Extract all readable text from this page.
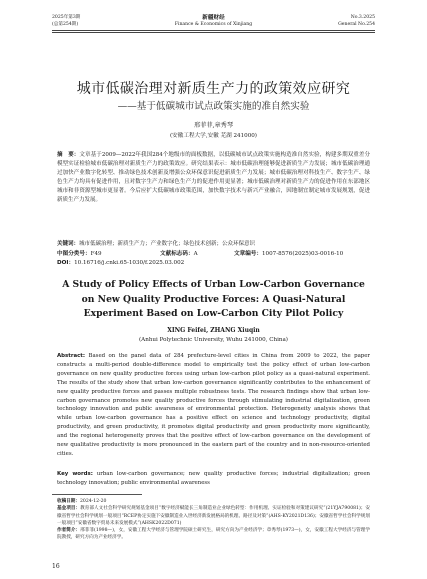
2025年第3期
(总第254期)
新疆财经
Finance & Economics of Xinjiang
No.3.2025
General No.254
城市低碳治理对新质生产力的政策效应研究
——基于低碳城市试点政策实施的准自然实验
邢菲菲,章秀琴
(安徽工程大学,安徽 芜湖 241000)
摘　要：文章基于2009—2022年我国284个地级市的面板数据，以低碳城市试点政策实施构造准自然实验，构建多期双重差分模型实证检验城市低碳治理对新质生产力的政策效应。研究结果表示：城市低碳治理能够促进新质生产力发展；城市低碳治理通过加快产业数字化转型、推动绿色技术创新及增强公众环保意识促进新质生产力发展；城市低碳治理对科技生产、数字生产、绿色生产力均具有促进作用，且对数字生产力和绿色生产力的促进作用更显著；城市低碳治理对新质生产力的促进作用在东部地区城市和非资源型城市更显著。今后应扩大低碳城市政策范围，加快数字技术与新兴产业融合，因地制宜制定城市发展规划，促进新质生产力发展。
关键词：城市低碳治理；新质生产力；产业数字化；绿色技术创新；公众环保意识
中图分类号：F49	文献标志码：A	文章编号：1007-8576(2025)03-0016-10
DOI：10.16716/j.cnki.65-1030/f.2025.03.002
A Study of Policy Effects of Urban Low-Carbon Governance on New Quality Productive Forces: A Quasi-Natural Experiment Based on Low-Carbon City Pilot Policy
XING Feifei, ZHANG Xiuqin
(Anhui Polytechnic University, Wuhu 241000, China)
Abstract: Based on the panel data of 284 prefecture-level cities in China from 2009 to 2022, the paper constructs a multi-period double-difference model to empirically test the policy effect of urban low-carbon governance on new quality productive forces using urban low-carbon pilot policy as a quasi-natural experiment. The results of the study show that urban low-carbon governance significantly contributes to the enhancement of new quality productive forces and passes multiple robustness tests. The research findings show that urban low-carbon governance promotes new quality productive forces through stimulating industrial digitalization, green technology innovation and public awareness of environmental protection. Heterogeneity analysis shows that while urban low-carbon governance has a positive effect on science and technology productivity, digital productivity, and green productivity, it promotes digital productivity and green productivity more significantly, and the regional heterogeneity proves that the positive effect of low-carbon governance on the development of new qualitative productivity is more pronounced in the eastern part of the country and in non-resource-oriented cities.
Key words: urban low-carbon governance; new quality productive forces; industrial digitalization; green technology innovation; public environmental awareness
收稿日期：2024-12-20
基金项目：教育部人文社会科学研究规划基金项目“数字经济赋能长三角制造业企业绿色转型：作用机理、实证检验和对策建议研究”(21YJA790081)；安徽省哲学社会科学规划一般项目“RCEP协定实施下安徽制造业入世经济新发展格局的机理、路径及对策”(AHS-KY2021D136)；安徽省哲学社会科学规划一般项目“安徽省数字贸易未来发展模式”(AHSK2022D071)
作者简介：邢菲菲(1998—)，女，安徽工程大学经济与管理学院硕士研究生，研究方向为产业经济学；章秀琴(1973—)，女，安徽工程大学经济与管理学院教授，研究方向为产业经济学。
16
